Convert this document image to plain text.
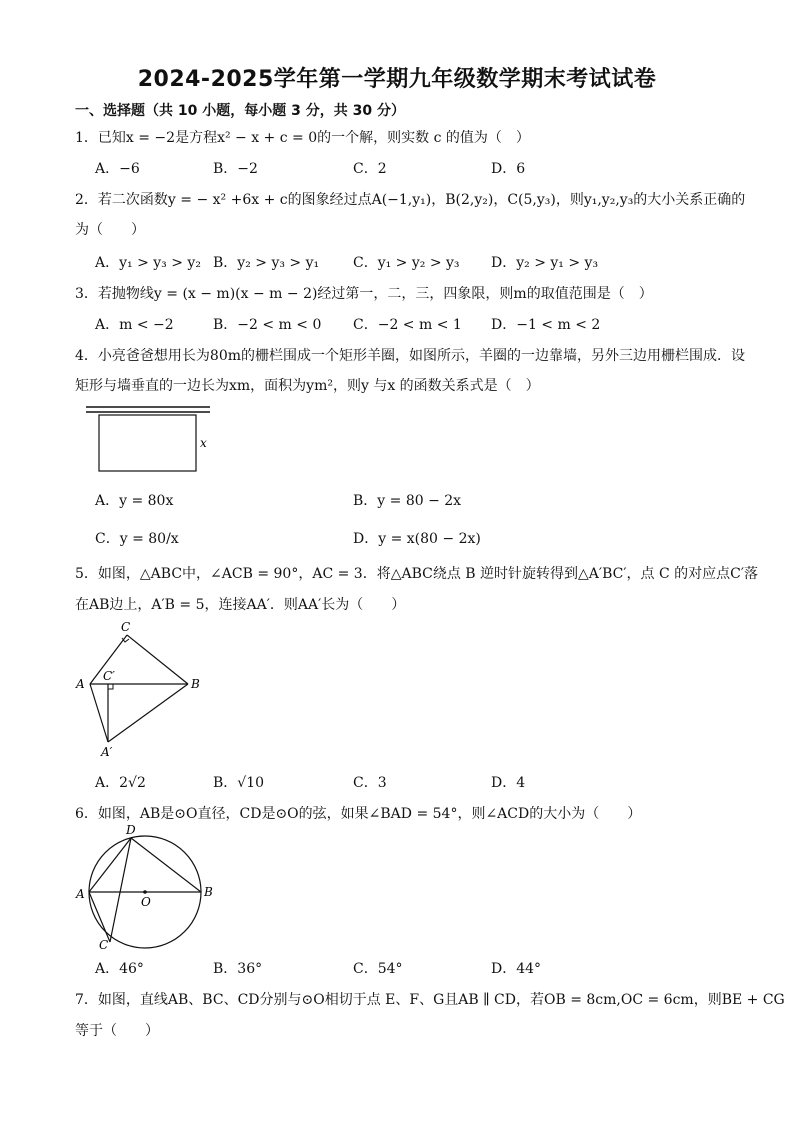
2024-2025学年第一学期九年级数学期末考试试卷
一、选择题（共 10 小题，每小题 3 分，共 30 分）
1．已知x = −2是方程x² − x + c = 0的一个解，则实数 c 的值为（　）
A．−6	B．−2	C．2	D．6
2．若二次函数y = − x² +6x + c的图象经过点A(−1,y₁)，B(2,y₂)，C(5,y₃)，则y₁,y₂,y₃的大小关系正确的
为（　　）
A．y₁ > y₃ > y₂ B．y₂ > y₃ > y₁ C．y₁ > y₂ > y₃ D．y₂ > y₁ > y₃
3．若抛物线y = (x − m)(x − m − 2)经过第一，二，三，四象限，则m的取值范围是（　）
A．m < −2	B．−2 < m < 0 C．−2 < m < 1 D．−1 < m < 2
4．小亮爸爸想用长为80m的栅栏围成一个矩形羊圈，如图所示，羊圈的一边靠墙，另外三边用栅栏围成．设
矩形与墙垂直的一边长为xm，面积为ym²，则y 与x 的函数关系式是（　）
x
A．y = 80x	B．y = 80 − 2x
C．y = 80/x	D．y = x(80 − 2x)
5．如图，△ABC中，∠ACB = 90°，AC = 3．将△ABC绕点 B 逆时针旋转得到△A′BC′，点 C 的对应点C′落
在AB边上，A′B = 5，连接AA′．则AA′长为（　　）
C
A	B
C′
A′
A．2√2	B．√10	C．3	D．4
6．如图，AB是⊙O直径，CD是⊙O的弦，如果∠BAD = 54°，则∠ACD的大小为（　　）
D
A	B
O
C
A．46°	B．36°	C．54°	D．44°
7．如图，直线AB、BC、CD分别与⊙O相切于点 E、F、G且AB ∥ CD，若OB = 8cm,OC = 6cm，则BE + CG
等于（　　）
